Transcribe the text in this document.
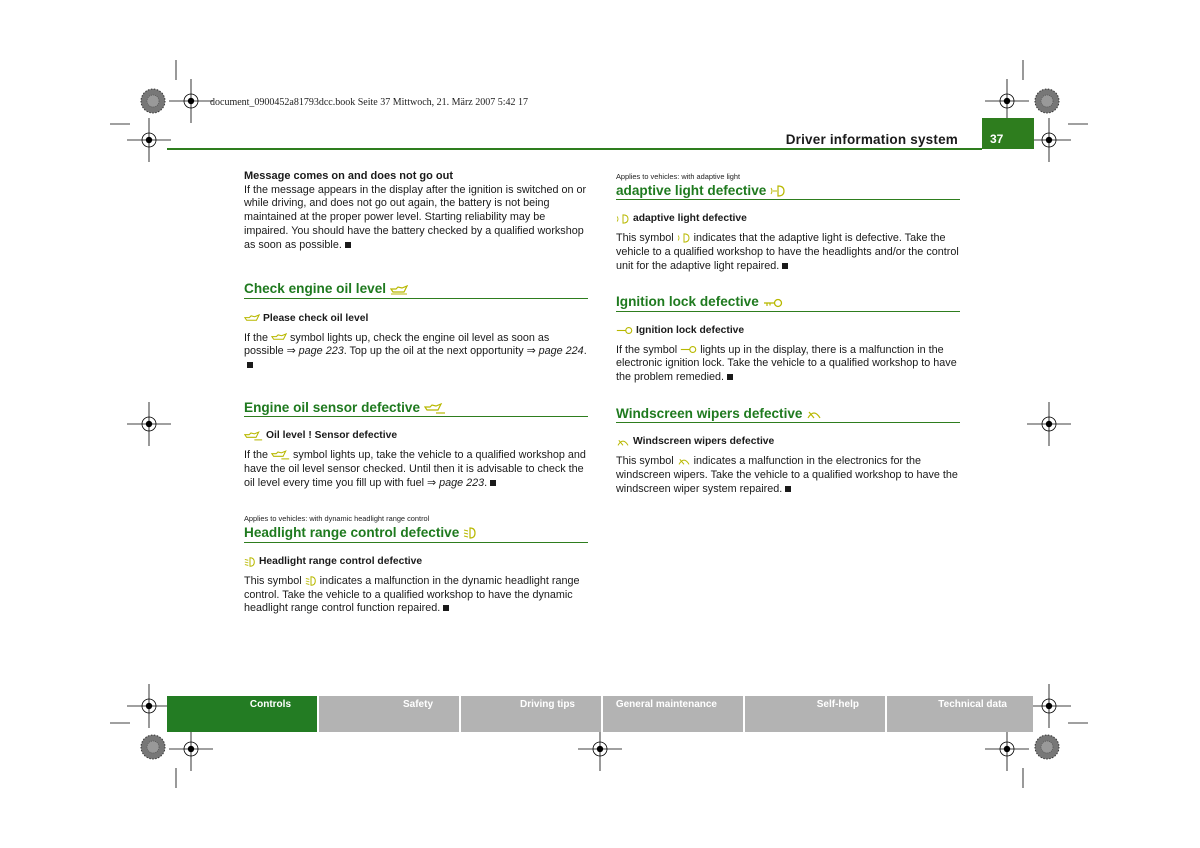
document_0900452a81793dcc.book Seite 37 Mittwoch, 21. März 2007 5:42 17
Driver information system	37

Message comes on and does not go out

If the message appears in the display after the ignition is switched on or while driving, and does not go out again, the battery is not being maintained at the proper power level. Starting reliability may be impaired. You should have the battery checked by a qualified workshop as soon as possible.

Check engine oil level

Please check oil level

If the symbol lights up, check the engine oil level as soon as possible ⇒ page 223. Top up the oil at the next opportunity ⇒ page 224.

Engine oil sensor defective

Oil level ! Sensor defective

If the symbol lights up, take the vehicle to a qualified workshop and have the oil level sensor checked. Until then it is advisable to check the oil level every time you fill up with fuel ⇒ page 223.

Applies to vehicles: with dynamic headlight range control

Headlight range control defective

Headlight range control defective

This symbol indicates a malfunction in the dynamic headlight range control. Take the vehicle to a qualified workshop to have the dynamic headlight range control function repaired.

Applies to vehicles: with adaptive light

adaptive light defective

adaptive light defective

This symbol indicates that the adaptive light is defective. Take the vehicle to a qualified workshop to have the headlights and/or the control unit for the adaptive light repaired.

Ignition lock defective

Ignition lock defective

If the symbol lights up in the display, there is a malfunction in the electronic ignition lock. Take the vehicle to a qualified workshop to have the problem remedied.

Windscreen wipers defective

Windscreen wipers defective

This symbol indicates a malfunction in the electronics for the windscreen wipers. Take the vehicle to a qualified workshop to have the windscreen wiper system repaired.

Controls	Safety	Driving tips	General maintenance	Self-help	Technical data
